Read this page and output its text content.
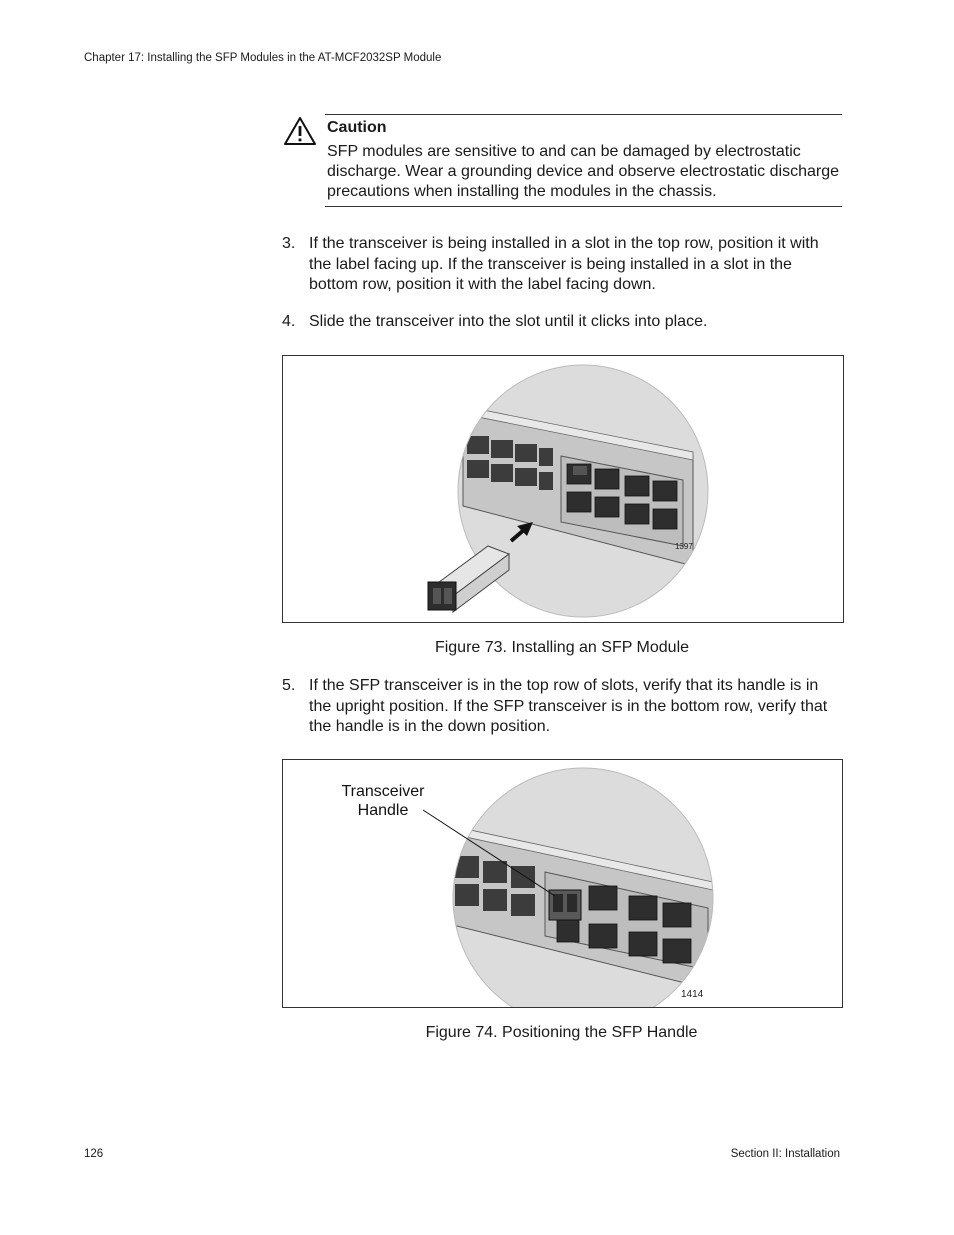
Chapter 17: Installing the SFP Modules in the AT-MCF2032SP Module
Caution
SFP modules are sensitive to and can be damaged by electrostatic discharge. Wear a grounding device and observe electrostatic discharge precautions when installing the modules in the chassis.
3. If the transceiver is being installed in a slot in the top row, position it with the label facing up. If the transceiver is being installed in a slot in the bottom row, position it with the label facing down.
4. Slide the transceiver into the slot until it clicks into place.
1397
Figure 73. Installing an SFP Module
5. If the SFP transceiver is in the top row of slots, verify that its handle is in the upright position. If the SFP transceiver is in the bottom row, verify that the handle is in the down position.
Transceiver
Handle
1414
Figure 74. Positioning the SFP Handle
126	Section II: Installation
